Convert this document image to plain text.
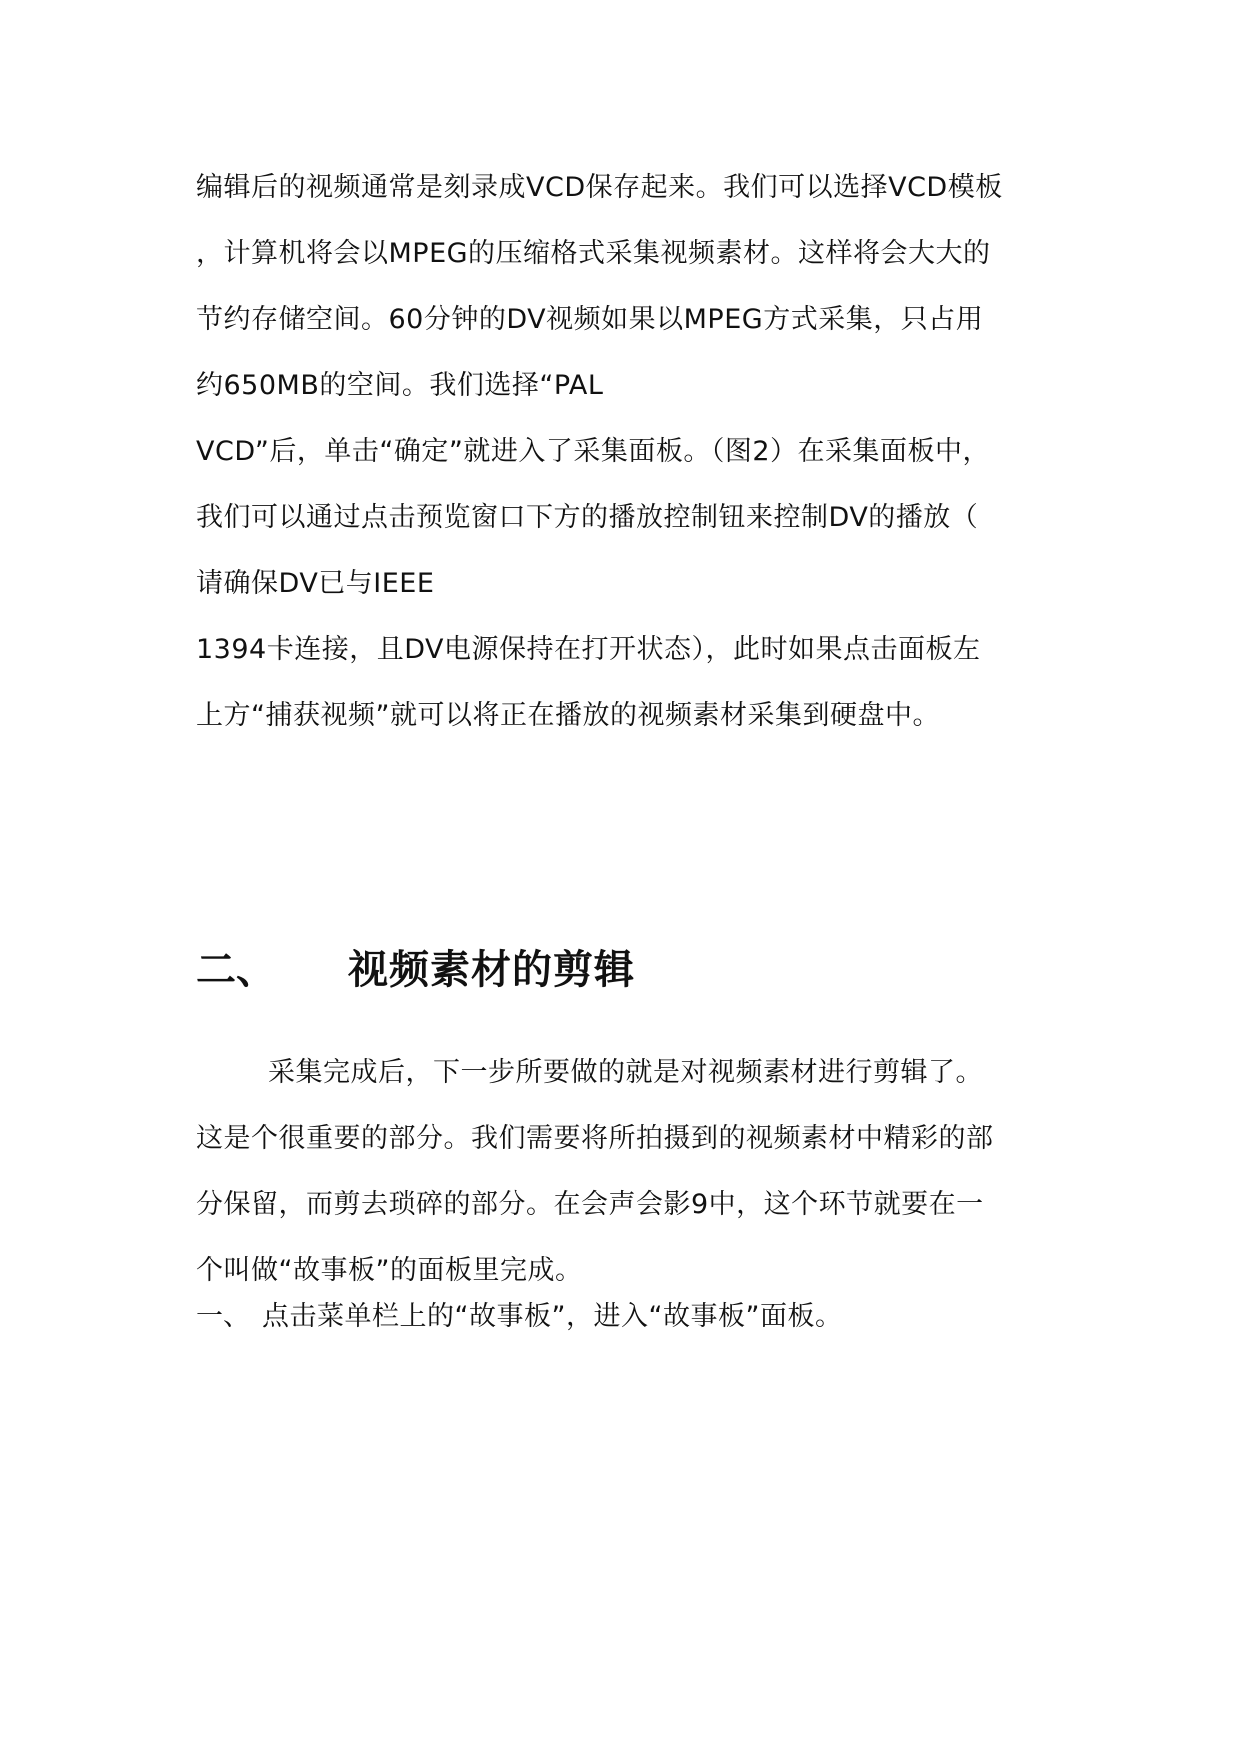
编辑后的视频通常是刻录成VCD保存起来。我们可以选择VCD模板
，计算机将会以MPEG的压缩格式采集视频素材。这样将会大大的
节约存储空间。60分钟的DV视频如果以MPEG方式采集，只占用
约650MB的空间。我们选择“PAL
VCD”后，单击“确定”就进入了采集面板。（图2）在采集面板中，
我们可以通过点击预览窗口下方的播放控制钮来控制DV的播放（
请确保DV已与IEEE
1394卡连接，且DV电源保持在打开状态），此时如果点击面板左
上方“捕获视频”就可以将正在播放的视频素材采集到硬盘中。
二、 视频素材的剪辑
采集完成后，下一步所要做的就是对视频素材进行剪辑了。
这是个很重要的部分。我们需要将所拍摄到的视频素材中精彩的部
分保留，而剪去琐碎的部分。在会声会影9中，这个环节就要在一
个叫做“故事板”的面板里完成。
一、 点击菜单栏上的“故事板”，进入“故事板”面板。
